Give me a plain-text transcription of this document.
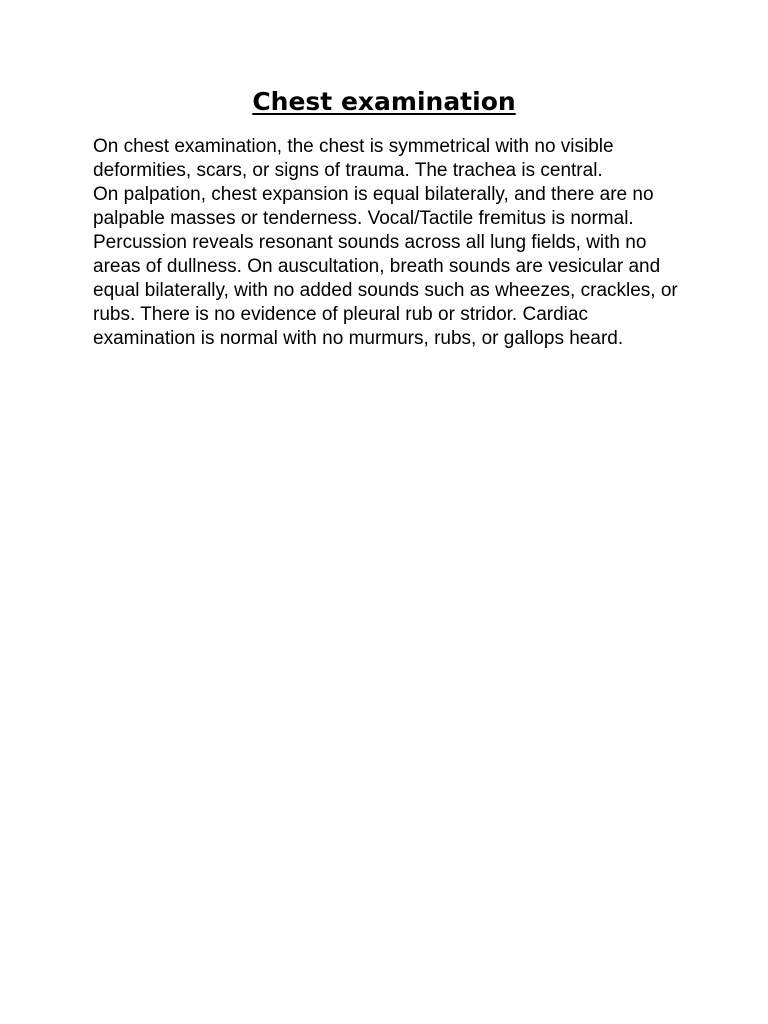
Chest examination

On chest examination, the chest is symmetrical with no visible deformities, scars, or signs of trauma. The trachea is central.

On palpation, chest expansion is equal bilaterally, and there are no palpable masses or tenderness. Vocal/Tactile fremitus is normal.

Percussion reveals resonant sounds across all lung fields, with no areas of dullness. On auscultation, breath sounds are vesicular and equal bilaterally, with no added sounds such as wheezes, crackles, or rubs. There is no evidence of pleural rub or stridor. Cardiac examination is normal with no murmurs, rubs, or gallops heard.
